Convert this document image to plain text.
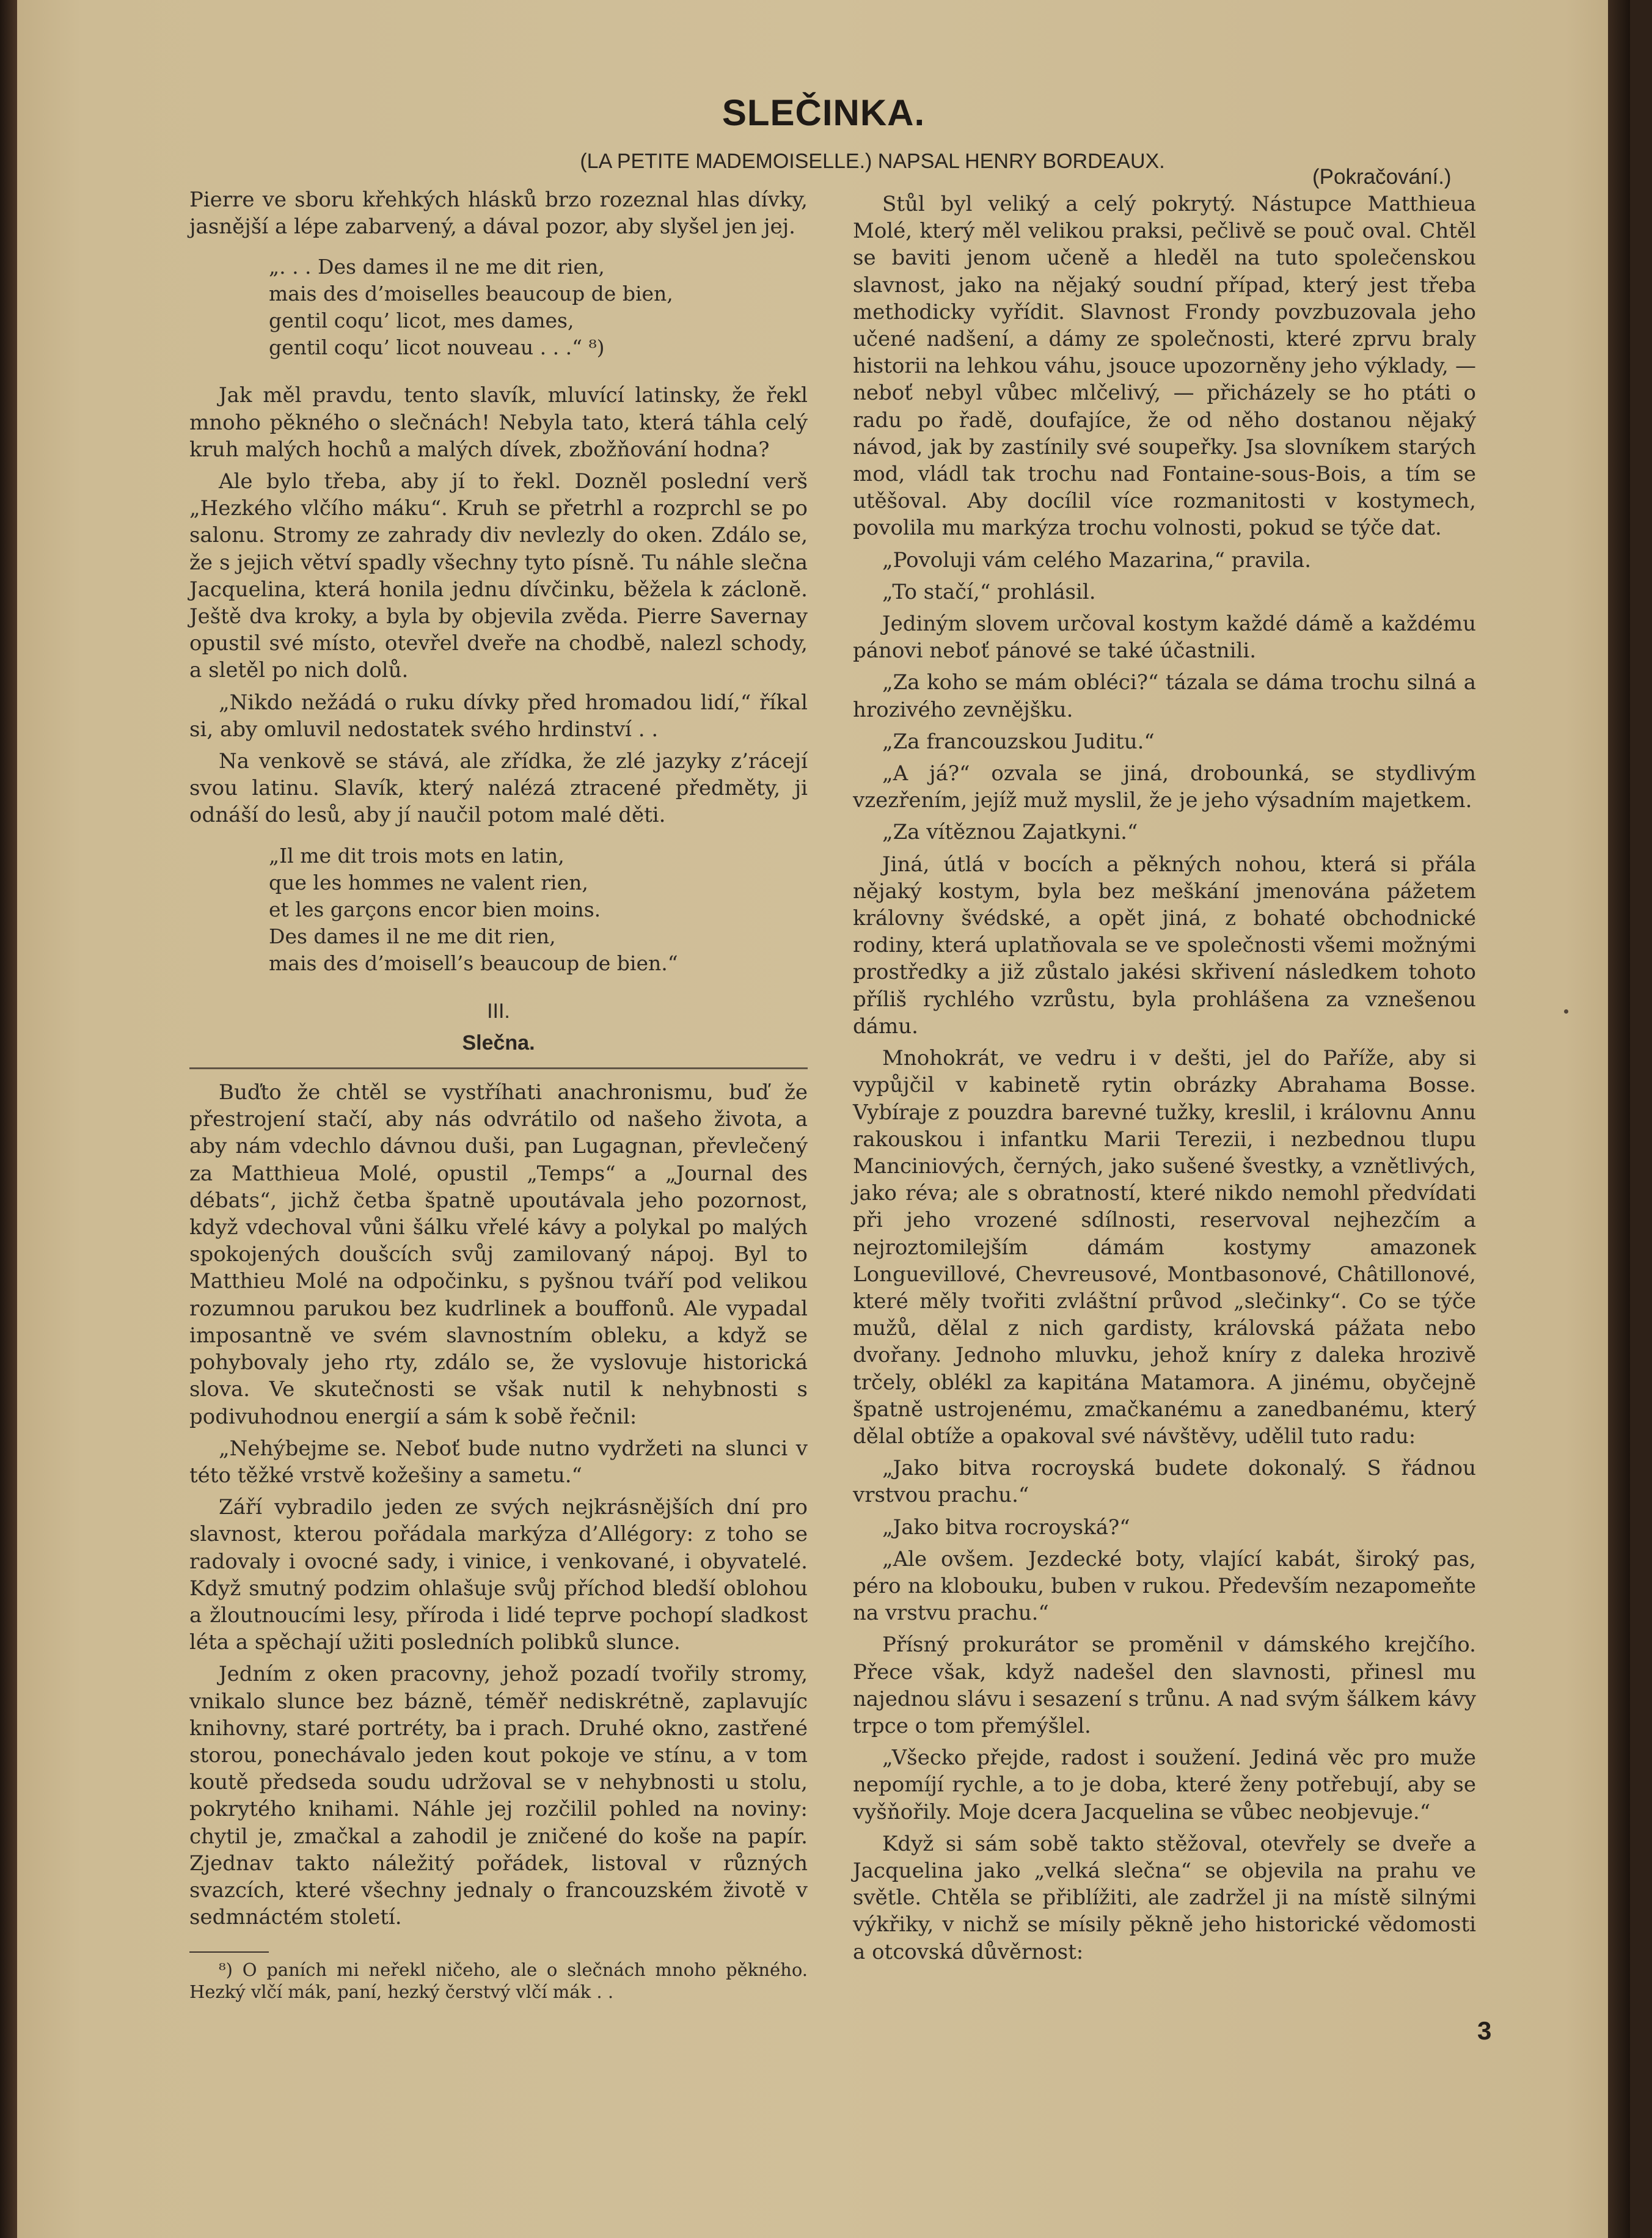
SLEČINKA.
(LA PETITE MADEMOISELLE.) NAPSAL HENRY BORDEAUX.
(Pokračování.)

Pierre ve sboru křehkých hlásků brzo rozeznal hlas dívky, jasnější a lépe zabarvený, a dával pozor, aby slyšel jen jej.

„. . . Des dames il ne me dit rien,
mais des d’moiselles beaucoup de bien,
gentil coqu’ licot, mes dames,
gentil coqu’ licot nouveau . . .“ ⁸)

Jak měl pravdu, tento slavík, mluvící latinsky, že řekl mnoho pěkného o slečnách! Nebyla tato, která táhla celý kruh malých hochů a malých dívek, zbožňování hodna?

Ale bylo třeba, aby jí to řekl. Dozněl poslední verš „Hezkého vlčího máku“. Kruh se přetrhl a rozprchl se po salonu. Stromy ze zahrady div nevlezly do oken. Zdálo se, že s jejich větví spadly všechny tyto písně. Tu náhle slečna Jacquelina, která honila jednu dívčinku, běžela k záclonĕ. Ještě dva kroky, a byla by objevila zvěda. Pierre Savernay opustil své místo, otevřel dveře na chodbě, nalezl schody, a sletěl po nich dolů.

„Nikdo nežádá o ruku dívky před hromadou lidí,“ říkal si, aby omluvil nedostatek svého hrdinství . .

Na venkově se stává, ale zřídka, že zlé jazyky z’rácejí svou latinu. Slavík, který nalézá ztracené předměty, ji odnáší do lesů, aby jí naučil potom malé děti.

„Il me dit trois mots en latin,
que les hommes ne valent rien,
et les garçons encor bien moins.
Des dames il ne me dit rien,
mais des d’moisell’s beaucoup de bien.“
III.
Slečna.

Buďto že chtěl se vystříhati anachronismu, buď že přestrojení stačí, aby nás odvrátilo od našeho života, a aby nám vdechlo dávnou duši, pan Lugagnan, převlečený za Matthieua Molé, opustil „Temps“ a „Journal des débats“, jichž četba špatně upoutávala jeho pozornost, když vdechoval vůni šálku vřelé kávy a polykal po malých spokojených doušcích svůj zamilovaný nápoj. Byl to Matthieu Molé na odpočinku, s pyšnou tváří pod velikou rozumnou parukou bez kudrlinek a bouffonů. Ale vypadal imposantně ve svém slavnostním obleku, a když se pohybovaly jeho rty, zdálo se, že vyslovuje historická slova. Ve skutečnosti se však nutil k nehybnosti s podivuhodnou energií a sám k sobě řečnil:

„Nehýbejme se. Neboť bude nutno vydržeti na slunci v této těžké vrstvě kožešiny a sametu.“

Září vybradilo jeden ze svých nejkrásnějších dní pro slavnost, kterou pořádala markýza d’Allégory: z toho se radovaly i ovocné sady, i vinice, i venkované, i obyvatelé. Když smutný podzim ohlašuje svůj příchod bledší oblohou a žloutnoucími lesy, příroda i lidé teprve pochopí sladkost léta a spěchají užiti posledních polibků slunce.

Jedním z oken pracovny, jehož pozadí tvořily stromy, vnikalo slunce bez bázně, téměř nediskrétně, zaplavujíc knihovny, staré portréty, ba i prach. Druhé okno, zastřené storou, ponechávalo jeden kout pokoje ve stínu, a v tom koutě předseda soudu udržoval se v nehybnosti u stolu, pokrytého knihami. Náhle jej rozčilil pohled na noviny: chytil je, zmačkal a zahodil je zničené do koše na papír. Zjednav takto náležitý pořádek, listoval v různých svazcích, které všechny jednaly o francouzském životě v sedmnáctém století.

⁸) O paních mi neřekl ničeho, ale o slečnách mnoho pěkného. Hezký vlčí mák, paní, hezký čerstvý vlčí mák . .

Stůl byl veliký a celý pokrytý. Nástupce Matthieua Molé, který měl velikou praksi, pečlivě se pouč oval. Chtěl se baviti jenom učeně a hleděl na tuto společenskou slavnost, jako na nějaký soudní případ, který jest třeba methodicky vyřídit. Slavnost Frondy povzbuzovala jeho učené nadšení, a dámy ze společnosti, které zprvu braly historii na lehkou váhu, jsouce upozorněny jeho výklady, — neboť nebyl vůbec mlčelivý, — přicházely se ho ptáti o radu po řadě, doufajíce, že od něho dostanou nějaký návod, jak by zastínily své soupeřky. Jsa slovníkem starých mod, vládl tak trochu nad Fontaine-sous-Bois, a tím se utěšoval. Aby docílil více rozmanitosti v kostymech, povolila mu markýza trochu volnosti, pokud se týče dat.

„Povoluji vám celého Mazarina,“ pravila.

„To stačí,“ prohlásil.

Jediným slovem určoval kostym každé dámě a každému pánovi neboť pánové se také účastnili.

„Za koho se mám obléci?“ tázala se dáma trochu silná a hrozivého zevnějšku.

„Za francouzskou Juditu.“

„A já?“ ozvala se jiná, drobounká, se stydlivým vzezřením, jejíž muž myslil, že je jeho výsadním majetkem.

„Za vítěznou Zajatkyni.“

Jiná, útlá v bocích a pěkných nohou, která si přála nějaký kostym, byla bez meškání jmenována pážetem královny švédské, a opět jiná, z bohaté obchodnické rodiny, která uplatňovala se ve společnosti všemi možnými prostředky a již zůstalo jakési skřivení následkem tohoto příliš rychlého vzrůstu, byla prohlášena za vznešenou dámu.

Mnohokrát, ve vedru i v dešti, jel do Paříže, aby si vypůjčil v kabinetě rytin obrázky Abrahama Bosse. Vybíraje z pouzdra barevné tužky, kreslil, i královnu Annu rakouskou i infantku Marii Terezii, i nezbednou tlupu Manciniových, černých, jako sušené švestky, a vznětlivých, jako réva; ale s obratností, které nikdo nemohl předvídati při jeho vrozené sdílnosti, reservoval nejhezčím a nejroztomilejším dámám kostymy amazonek Longuevillové, Chevreusové, Montbasonové, Châtillonové, které měly tvořiti zvláštní průvod „slečinky“. Co se týče mužů, dělal z nich gardisty, královská pážata nebo dvořany. Jednoho mluvku, jehož kníry z daleka hrozivě trčely, oblékl za kapitána Matamora. A jinému, obyčejně špatně ustrojenému, zmačkanému a zanedbanému, který dělal obtíže a opakoval své návštěvy, udělil tuto radu:

„Jako bitva rocroyská budete dokonalý. S řádnou vrstvou prachu.“

„Jako bitva rocroyská?“

„Ale ovšem. Jezdecké boty, vlající kabát, široký pas, péro na klobouku, buben v rukou. Především nezapomeňte na vrstvu prachu.“

Přísný prokurátor se proměnil v dámského krejčího. Přece však, když nadešel den slavnosti, přinesl mu najednou slávu i sesazení s trůnu. A nad svým šálkem kávy trpce o tom přemýšlel.

„Všecko přejde, radost i soužení. Jediná věc pro muže nepomíjí rychle, a to je doba, které ženy potřebují, aby se vyšňořily. Moje dcera Jacquelina se vůbec neobjevuje.“

Když si sám sobě takto stěžoval, otevřely se dveře a Jacquelina jako „velká slečna“ se objevila na prahu ve světle. Chtěla se přiblížiti, ale zadržel ji na místě silnými výkřiky, v nichž se mísily pěkně jeho historické vědomosti a otcovská důvěrnost:

3
